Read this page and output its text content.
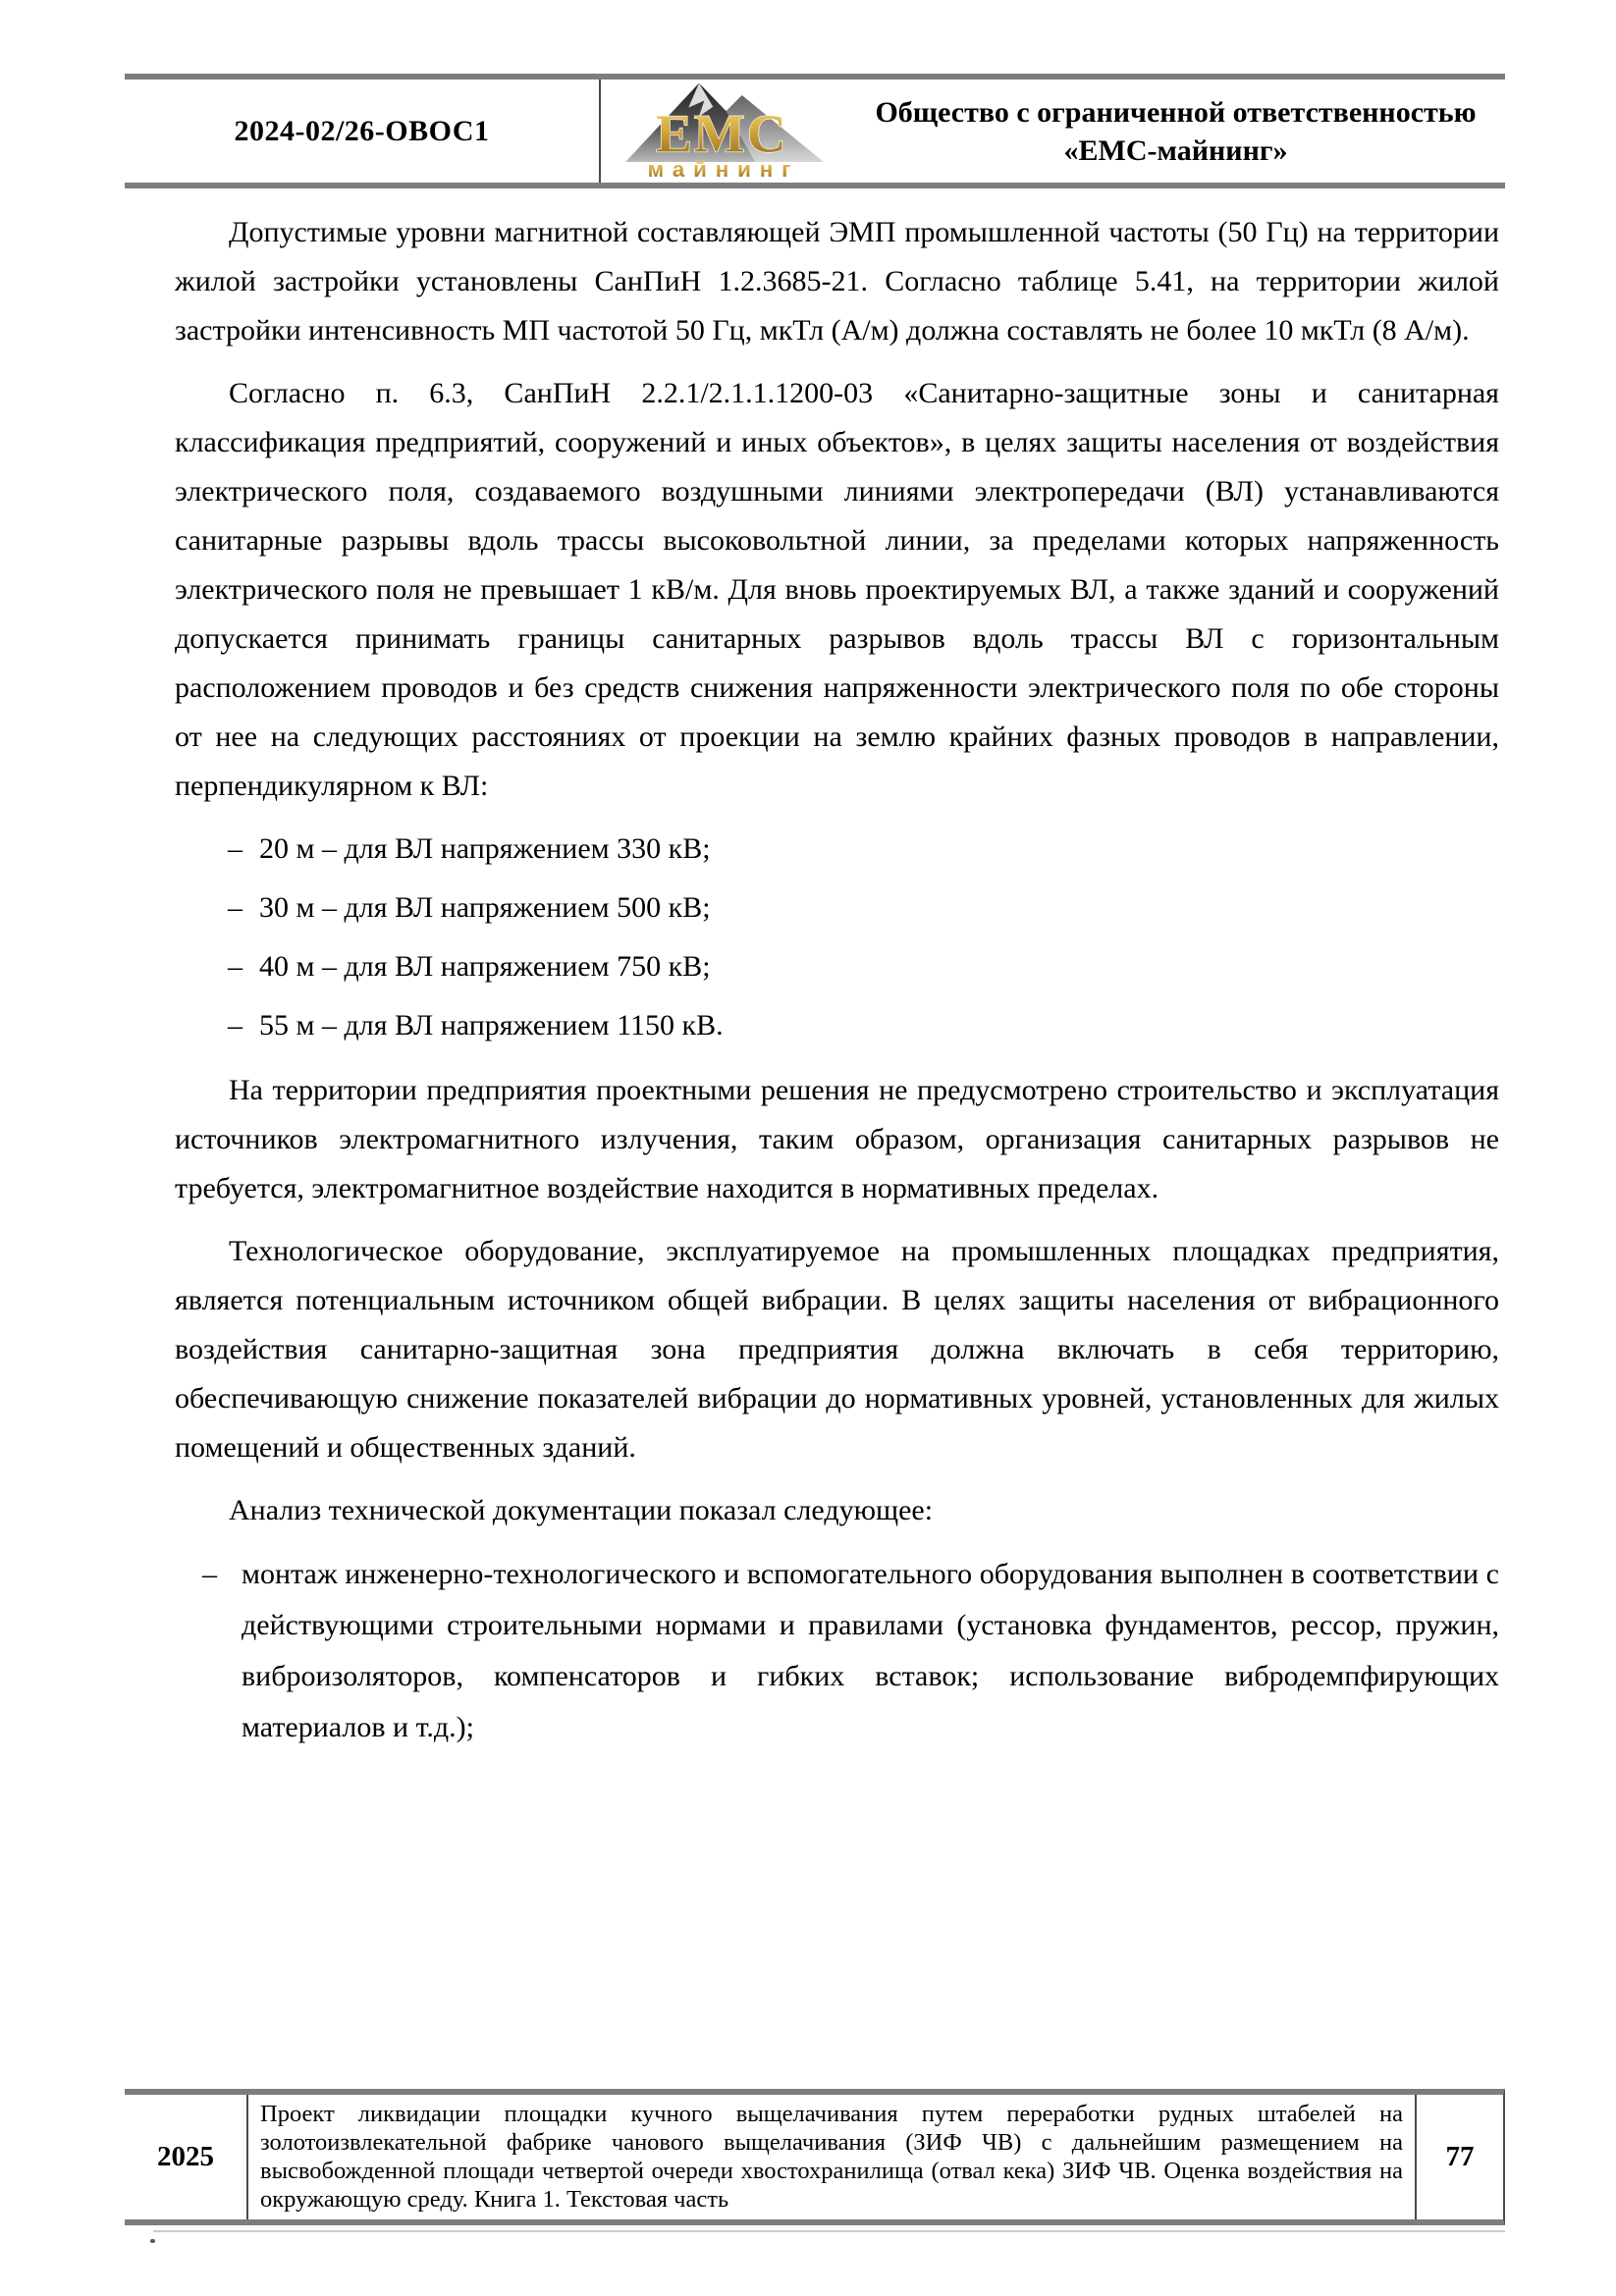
2024-02/26-ОВОС1	ЕМС
майнинг
Общество с ограниченной ответственностью
«ЕМС-майнинг»

Допустимые уровни магнитной составляющей ЭМП промышленной частоты (50 Гц) на территории жилой застройки установлены СанПиН 1.2.3685-21. Согласно таблице 5.41, на территории жилой застройки интенсивность МП частотой 50 Гц, мкТл (А/м) должна составлять не более 10 мкТл (8 А/м).

Согласно п. 6.3, СанПиН 2.2.1/2.1.1.1200-03 «Санитарно-защитные зоны и санитарная классификация предприятий, сооружений и иных объектов», в целях защиты населения от воздействия электрического поля, создаваемого воздушными линиями электропередачи (ВЛ) устанавливаются санитарные разрывы вдоль трассы высоковольтной линии, за пределами которых напряженность электрического поля не превышает 1 кВ/м. Для вновь проектируемых ВЛ, а также зданий и сооружений допускается принимать границы санитарных разрывов вдоль трассы ВЛ с горизонтальным расположением проводов и без средств снижения напряженности электрического поля по обе стороны от нее на следующих расстояниях от проекции на землю крайних фазных проводов в направлении, перпендикулярном к ВЛ:

– 20 м – для ВЛ напряжением 330 кВ;
– 30 м – для ВЛ напряжением 500 кВ;
– 40 м – для ВЛ напряжением 750 кВ;
– 55 м – для ВЛ напряжением 1150 кВ.

На территории предприятия проектными решения не предусмотрено строительство и эксплуатация источников электромагнитного излучения, таким образом, организация санитарных разрывов не требуется, электромагнитное воздействие находится в нормативных пределах.

Технологическое оборудование, эксплуатируемое на промышленных площадках предприятия, является потенциальным источником общей вибрации. В целях защиты населения от вибрационного воздействия санитарно-защитная зона предприятия должна включать в себя территорию, обеспечивающую снижение показателей вибрации до нормативных уровней, установленных для жилых помещений и общественных зданий.

Анализ технической документации показал следующее:

– монтаж инженерно-технологического и вспомогательного оборудования выполнен в соответствии с действующими строительными нормами и правилами (установка фундаментов, рессор, пружин, виброизоляторов, компенсаторов и гибких вставок; использование вибродемпфирующих материалов и т.д.);
2025
Проект ликвидации площадки кучного выщелачивания путем переработки рудных штабелей на золотоизвлекательной фабрике чанового выщелачивания (ЗИФ ЧВ) с дальнейшим размещением на высвобожденной площади четвертой очереди хвостохранилища (отвал кека) ЗИФ ЧВ. Оценка воздействия на окружающую среду. Книга 1. Текстовая часть
77
